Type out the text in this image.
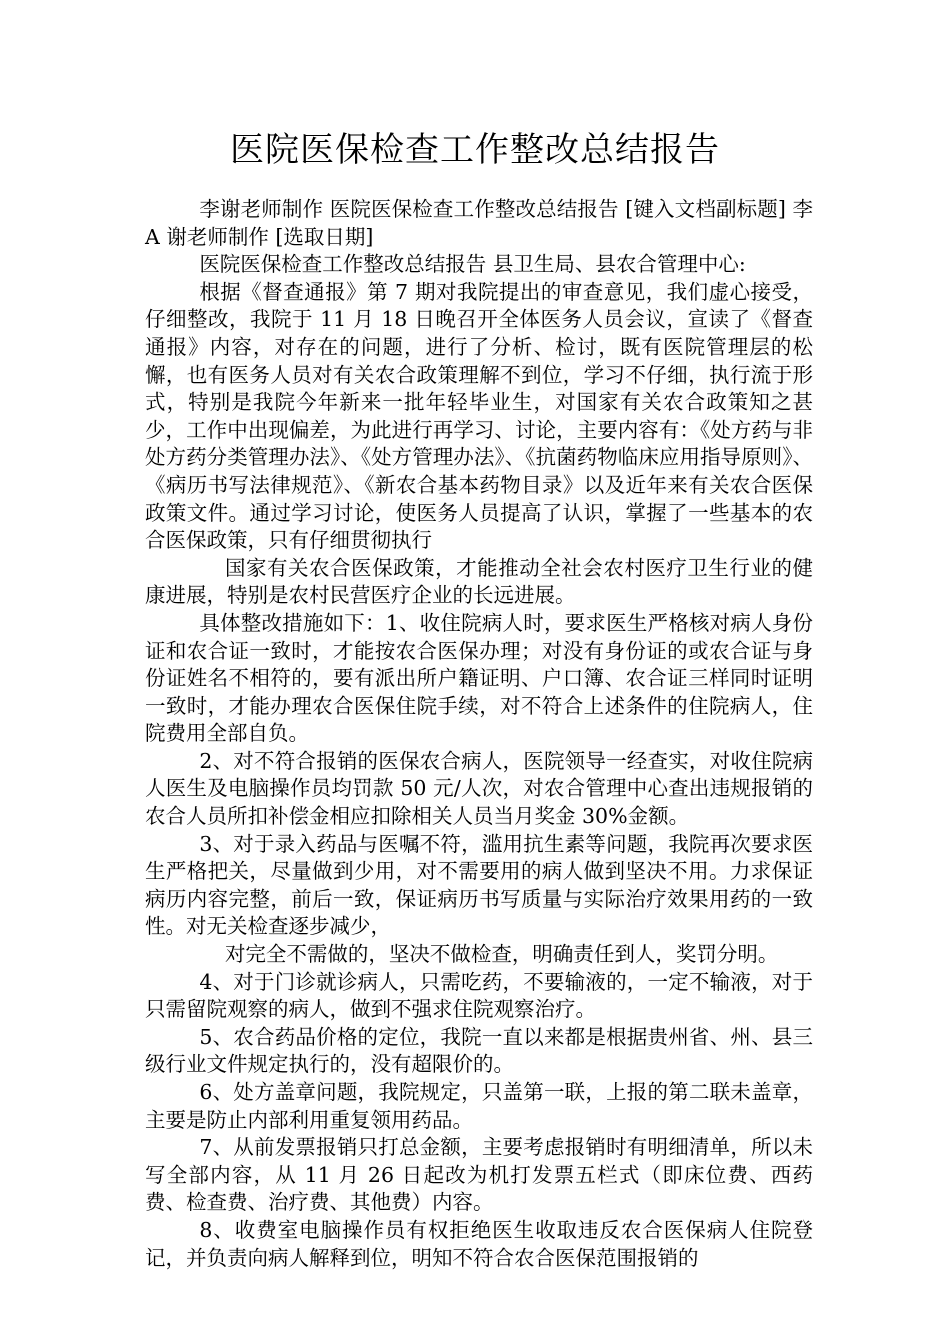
医院医保检查工作整改总结报告

李谢老师制作 医院医保检查工作整改总结报告 [键入文档副标题] 李 A 谢老师制作 [选取日期]

医院医保检查工作整改总结报告 县卫生局、县农合管理中心:

根据《督查通报》第 7 期对我院提出的审查意见，我们虚心接受，仔细整改，我院于 11 月 18 日晚召开全体医务人员会议，宣读了《督查通报》内容，对存在的问题，进行了分析、检讨，既有医院管理层的松懈，也有医务人员对有关农合政策理解不到位，学习不仔细，执行流于形式，特别是我院今年新来一批年轻毕业生，对国家有关农合政策知之甚少，工作中出现偏差，为此进行再学习、讨论，主要内容有：《处方药与非处方药分类管理办法》、《处方管理办法》、《抗菌药物临床应用指导原则》、《病历书写法律规范》、《新农合基本药物目录》以及近年来有关农合医保政策文件。通过学习讨论，使医务人员提高了认识，掌握了一些基本的农合医保政策，只有仔细贯彻执行

国家有关农合医保政策，才能推动全社会农村医疗卫生行业的健康进展，特别是农村民营医疗企业的长远进展。

具体整改措施如下：1、收住院病人时，要求医生严格核对病人身份证和农合证一致时，才能按农合医保办理；对没有身份证的或农合证与身份证姓名不相符的，要有派出所户籍证明、户口簿、农合证三样同时证明一致时，才能办理农合医保住院手续，对不符合上述条件的住院病人，住院费用全部自负。

2、对不符合报销的医保农合病人，医院领导一经查实，对收住院病人医生及电脑操作员均罚款 50 元/人次，对农合管理中心查出违规报销的农合人员所扣补偿金相应扣除相关人员当月奖金 30%金额。

3、对于录入药品与医嘱不符，滥用抗生素等问题，我院再次要求医生严格把关，尽量做到少用，对不需要用的病人做到坚决不用。力求保证病历内容完整，前后一致，保证病历书写质量与实际治疗效果用药的一致性。对无关检查逐步减少，

对完全不需做的，坚决不做检查，明确责任到人，奖罚分明。

4、对于门诊就诊病人，只需吃药，不要输液的，一定不输液，对于只需留院观察的病人，做到不强求住院观察治疗。

5、农合药品价格的定位，我院一直以来都是根据贵州省、州、县三级行业文件规定执行的，没有超限价的。

6、处方盖章问题，我院规定，只盖第一联，上报的第二联未盖章，主要是防止内部利用重复领用药品。

7、从前发票报销只打总金额，主要考虑报销时有明细清单，所以未写全部内容，从 11 月 26 日起改为机打发票五栏式（即床位费、西药费、检查费、治疗费、其他费）内容。

8、收费室电脑操作员有权拒绝医生收取违反农合医保病人住院登记，并负责向病人解释到位，明知不符合农合医保范围报销的
